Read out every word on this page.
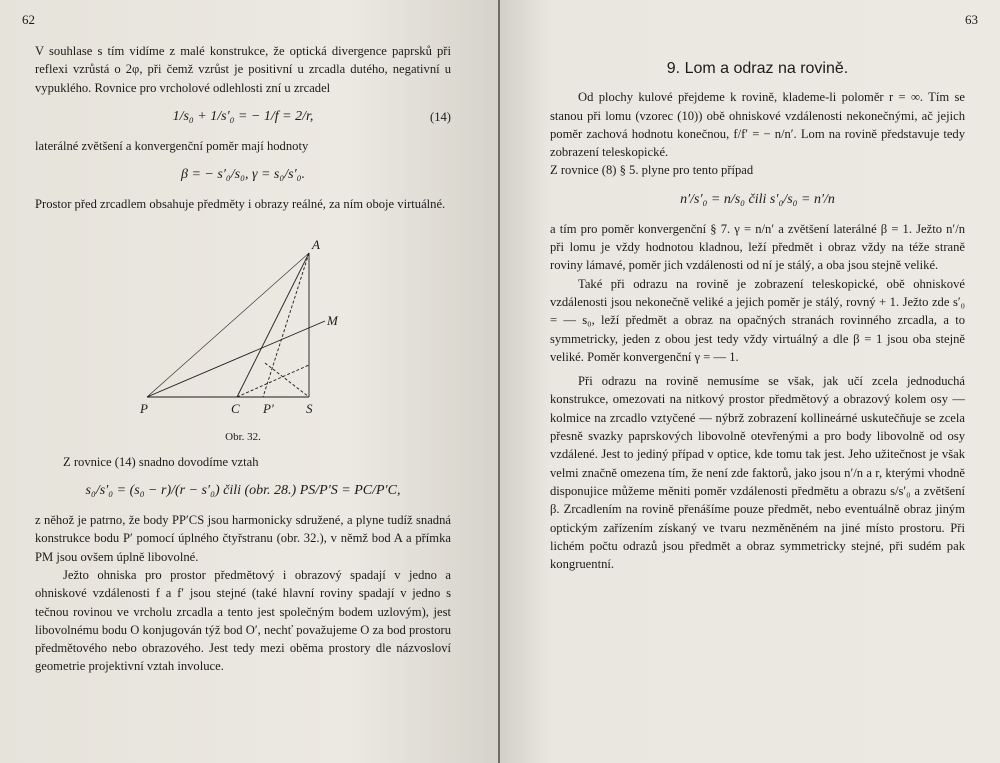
62

V souhlase s tím vidíme z malé konstrukce, že optická divergence paprsků při reflexi vzrůstá o 2φ, při čemž vzrůst je positivní u zrcadla dutého, negativní u vypuklého. Rovnice pro vrcholové odlehlosti zní u zrcadel

1/s₀ + 1/s′₀ = − 1/f = 2/r,	(14)

laterálné zvětšení a konvergenční poměr mají hodnoty

β = − s′₀/s₀, γ = s₀/s′₀.

Prostor před zrcadlem obsahuje předměty i obrazy reálné, za ním oboje virtuálné.

A
M
P	C P′ S

Obr. 32.

Z rovnice (14) snadno dovodíme vztah

s₀/s′₀ = (s₀ − r)/(r − s′₀) čili (obr. 28.) PS/P′S = PC/P′C,

z něhož je patrno, že body PP′CS jsou harmonicky sdružené, a plyne tudíž snadná konstrukce bodu P′ pomocí úplného čtyřstranu (obr. 32.), v němž bod A a přímka PM jsou ovšem úplně libovolné.

Ježto ohniska pro prostor předmětový i obrazový spadají v jedno a ohniskové vzdálenosti f a f′ jsou stejné (také hlavní roviny spadají v jedno s tečnou rovinou ve vrcholu zrcadla a tento jest společným bodem uzlovým), jest libovolnému bodu O konjugován týž bod O′, nechť považujeme O za bod prostoru předmětového nebo obrazového. Jest tedy mezi oběma prostory dle názvosloví geometrie projektivní vztah involuce.

63
9. Lom a odraz na rovině.

Od plochy kulové přejdeme k rovině, klademe-li poloměr r = ∞. Tím se stanou při lomu (vzorec (10)) obě ohniskové vzdálenosti nekonečnými, ač jejich poměr zachová hodnotu konečnou, f/f′ = − n/n′. Lom na rovině představuje tedy zobrazení teleskopické.

Z rovnice (8) § 5. plyne pro tento případ

n′/s′₀ = n/s₀ čili s′₀/s₀ = n′/n

a tím pro poměr konvergenční § 7. γ = n/n′ a zvětšení laterálné β = 1. Ježto n′/n při lomu je vždy hodnotou kladnou, leží předmět i obraz vždy na téže straně roviny lámavé, poměr jich vzdálenosti od ní je stálý, a oba jsou stejně veliké.

Také při odrazu na rovině je zobrazení teleskopické, obě ohniskové vzdálenosti jsou nekonečně veliké a jejich poměr je stálý, rovný + 1. Ježto zde s′₀ = — s₀, leží předmět a obraz na opačných stranách rovinného zrcadla, a to symmetricky, jeden z obou jest tedy vždy virtuálný a dle β = 1 jsou oba stejně veliké. Poměr konvergenční γ = — 1.

Při odrazu na rovině nemusíme se však, jak učí zcela jednoduchá konstrukce, omezovati na nitkový prostor předmětový a obrazový kolem osy — kolmice na zrcadlo vztyčené — nýbrž zobrazení kollineárné uskutečňuje se zcela přesně svazky paprskových libovolně otevřenými a pro body libovolně od osy vzdálené. Jest to jediný případ v optice, kde tomu tak jest. Jeho užitečnost je však velmi značně omezena tím, že není zde faktorů, jako jsou n′/n a r, kterými vhodně disponujice můžeme měniti poměr vzdálenosti předmětu a obrazu s/s′₀ a zvětšení β. Zrcadlením na rovině přenášíme pouze předmět, nebo eventuálně obraz jiným optickým zařízením získaný ve tvaru nezměněném na jiné místo prostoru. Při lichém počtu odrazů jsou předmět a obraz symmetricky stejné, při sudém pak kongruentní.
